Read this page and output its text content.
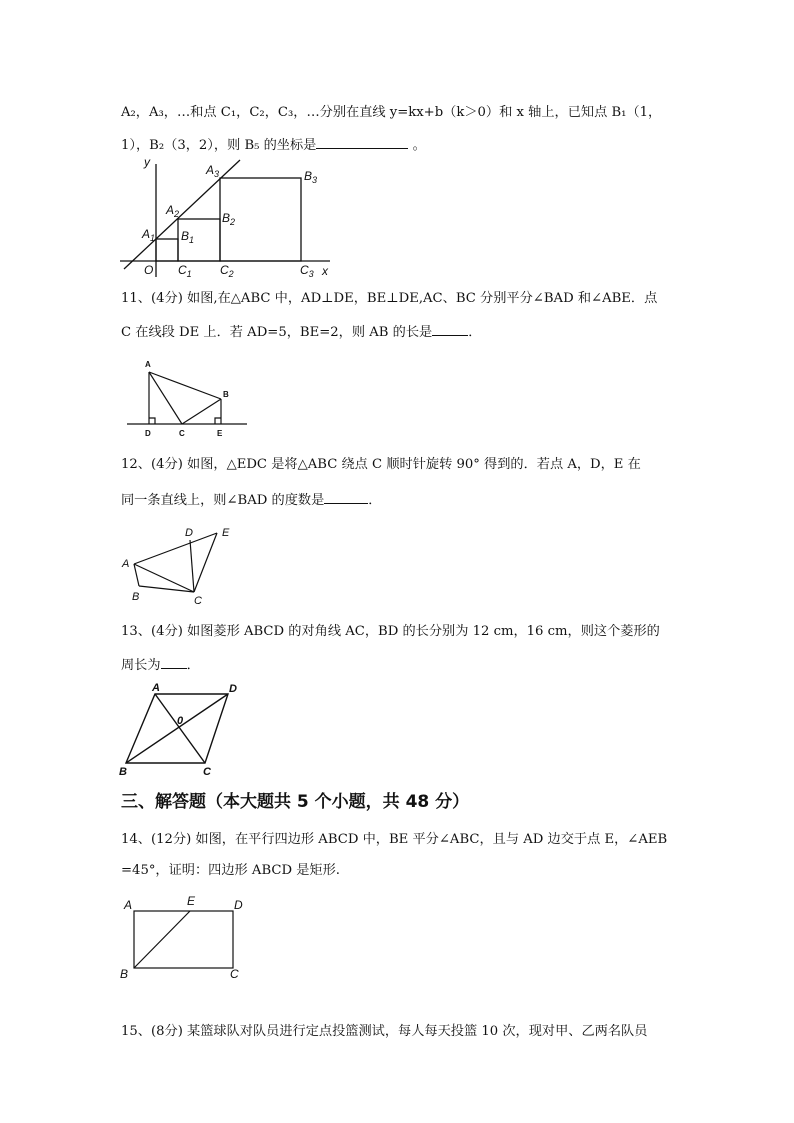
A₂，A₃，…和点 C₁，C₂，C₃，…分别在直线 y=kx+b（k＞0）和 x 轴上，已知点 B₁（1，
1），B₂（3，2），则 B₅ 的坐标是	。
y
x
O
$A_1$
$A_2$
$A_3$
$B_1$
$B_2$
$B_3$
$C_1$ $C_2$	$C_3$
11、(4分) 如图,在△ABC 中，AD⊥DE，BE⊥DE,AC、BC 分别平分∠BAD 和∠ABE．点
C 在线段 DE 上．若 AD=5，BE=2，则 AB 的长是	．
A
B
C
D	E
12、(4分) 如图，△EDC 是将△ABC 绕点 C 顺时针旋转 90° 得到的．若点 A，D，E 在
同一条直线上，则∠BAD 的度数是	．
A
B	C
D	E
13、(4分) 如图菱形 ABCD 的对角线 AC，BD 的长分别为 12 cm，16 cm，则这个菱形的
周长为 ．
A	D
B	C
0
三、解答题（本大题共 5 个小题，共 48 分）
14、(12分) 如图，在平行四边形 ABCD 中，BE 平分∠ABC，且与 AD 边交于点 E，∠AEB
=45°，证明：四边形 ABCD 是矩形.
A	E	D
B	C
15、(8分) 某篮球队对队员进行定点投篮测试，每人每天投篮 10 次，现对甲、乙两名队员
